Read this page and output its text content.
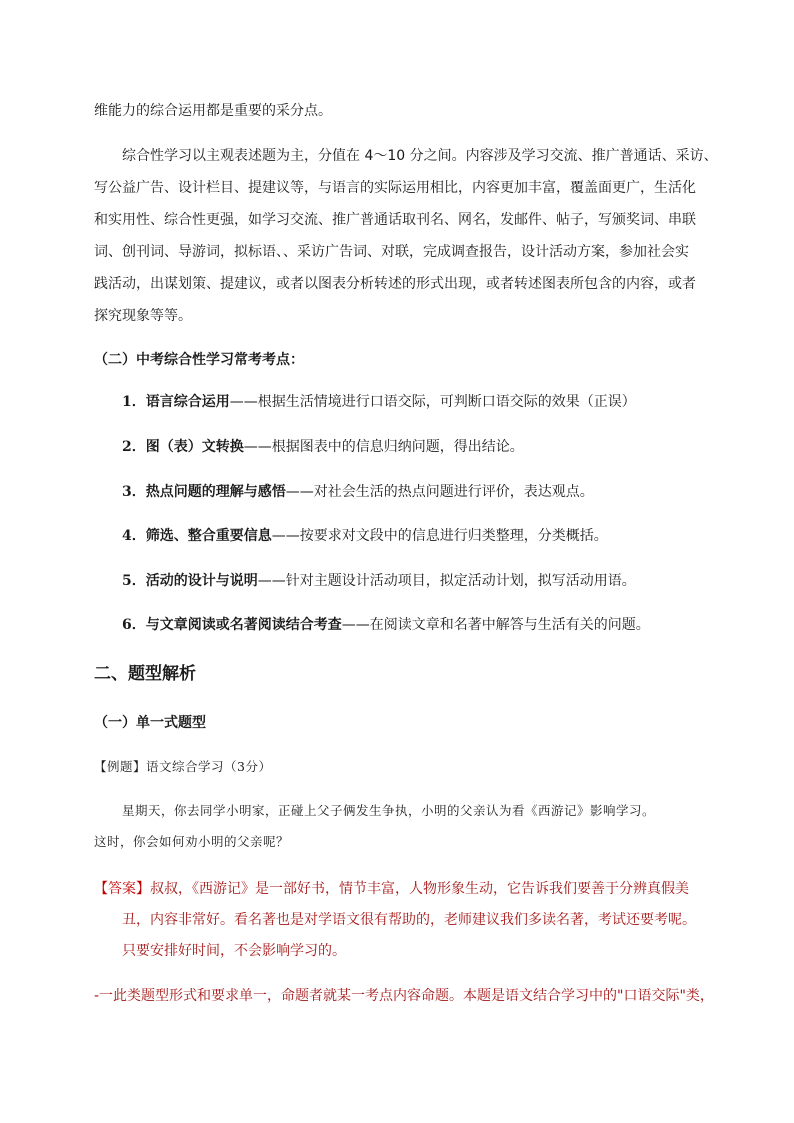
维能力的综合运用都是重要的采分点。
综合性学习以主观表述题为主，分值在 4～10 分之间。内容涉及学习交流、推广普通话、采访、
写公益广告、设计栏目、提建议等，与语言的实际运用相比，内容更加丰富，覆盖面更广，生活化
和实用性、综合性更强，如学习交流、推广普通话取刊名、网名，发邮件、帖子，写颁奖词、串联
词、创刊词、导游词，拟标语、、采访广告词、对联，完成调查报告，设计活动方案，参加社会实
践活动，出谋划策、提建议，或者以图表分析转述的形式出现，或者转述图表所包含的内容，或者
探究现象等等。
（二）中考综合性学习常考考点：
1．语言综合运用——根据生活情境进行口语交际，可判断口语交际的效果（正误）
2．图（表）文转换——根据图表中的信息归纳问题，得出结论。
3．热点问题的理解与感悟——对社会生活的热点问题进行评价，表达观点。
4．筛选、整合重要信息——按要求对文段中的信息进行归类整理，分类概括。
5．活动的设计与说明——针对主题设计活动项目，拟定活动计划，拟写活动用语。
6．与文章阅读或名著阅读结合考查——在阅读文章和名著中解答与生活有关的问题。
二、题型解析
（一）单一式题型
【例题】语文综合学习（3分）
星期天，你去同学小明家，正碰上父子俩发生争执，小明的父亲认为看《西游记》影响学习。
这时，你会如何劝小明的父亲呢？
【答案】叔叔，《西游记》是一部好书，情节丰富，人物形象生动，它告诉我们要善于分辨真假美
丑，内容非常好。看名著也是对学语文很有帮助的，老师建议我们多读名著，考试还要考呢。
只要安排好时间，不会影响学习的。
-一此类题型形式和要求单一，命题者就某一考点内容命题。本题是语文结合学习中的"口语交际"类，
